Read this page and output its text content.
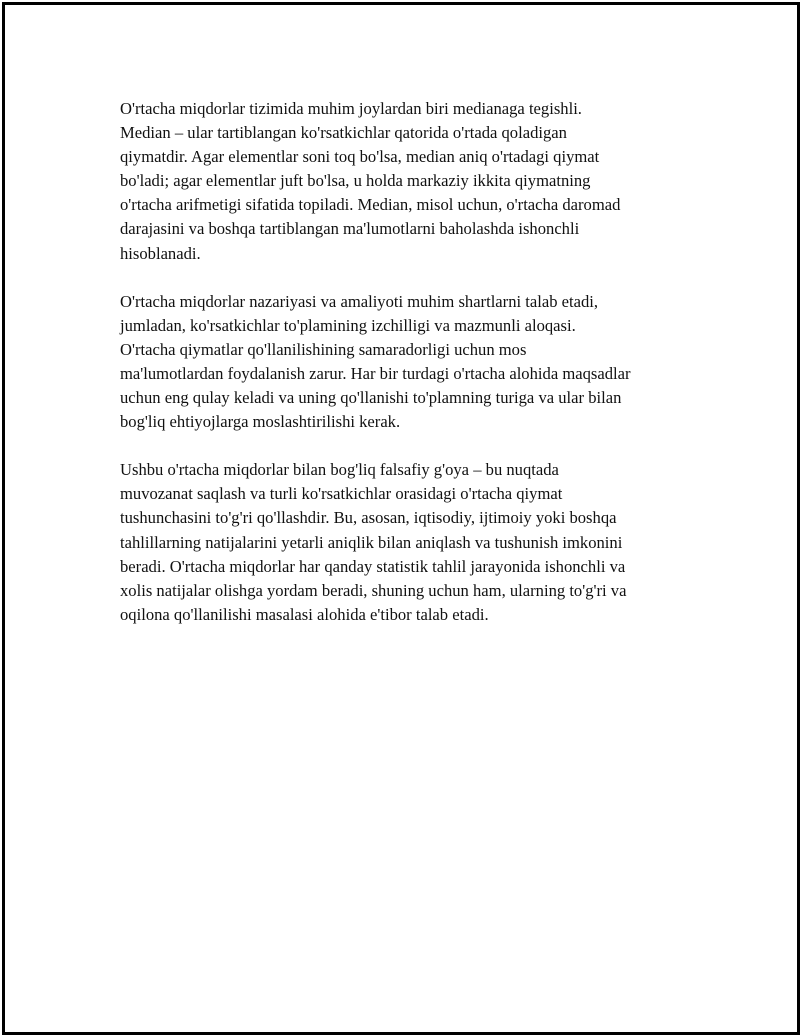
O'rtacha miqdorlar tizimida muhim joylardan biri medianaga tegishli.
Median – ular tartiblangan ko'rsatkichlar qatorida o'rtada qoladigan
qiymatdir. Agar elementlar soni toq bo'lsa, median aniq o'rtadagi qiymat
bo'ladi; agar elementlar juft bo'lsa, u holda markaziy ikkita qiymatning
o'rtacha arifmetigi sifatida topiladi. Median, misol uchun, o'rtacha daromad
darajasini va boshqa tartiblangan ma'lumotlarni baholashda ishonchli
hisoblanadi.

O'rtacha miqdorlar nazariyasi va amaliyoti muhim shartlarni talab etadi,
jumladan, ko'rsatkichlar to'plamining izchilligi va mazmunli aloqasi.
O'rtacha qiymatlar qo'llanilishining samaradorligi uchun mos
ma'lumotlardan foydalanish zarur. Har bir turdagi o'rtacha alohida maqsadlar
uchun eng qulay keladi va uning qo'llanishi to'plamning turiga va ular bilan
bog'liq ehtiyojlarga moslashtirilishi kerak.

Ushbu o'rtacha miqdorlar bilan bog'liq falsafiy g'oya – bu nuqtada
muvozanat saqlash va turli ko'rsatkichlar orasidagi o'rtacha qiymat
tushunchasini to'g'ri qo'llashdir. Bu, asosan, iqtisodiy, ijtimoiy yoki boshqa
tahlillarning natijalarini yetarli aniqlik bilan aniqlash va tushunish imkonini
beradi. O'rtacha miqdorlar har qanday statistik tahlil jarayonida ishonchli va
xolis natijalar olishga yordam beradi, shuning uchun ham, ularning to'g'ri va
oqilona qo'llanilishi masalasi alohida e'tibor talab etadi.
